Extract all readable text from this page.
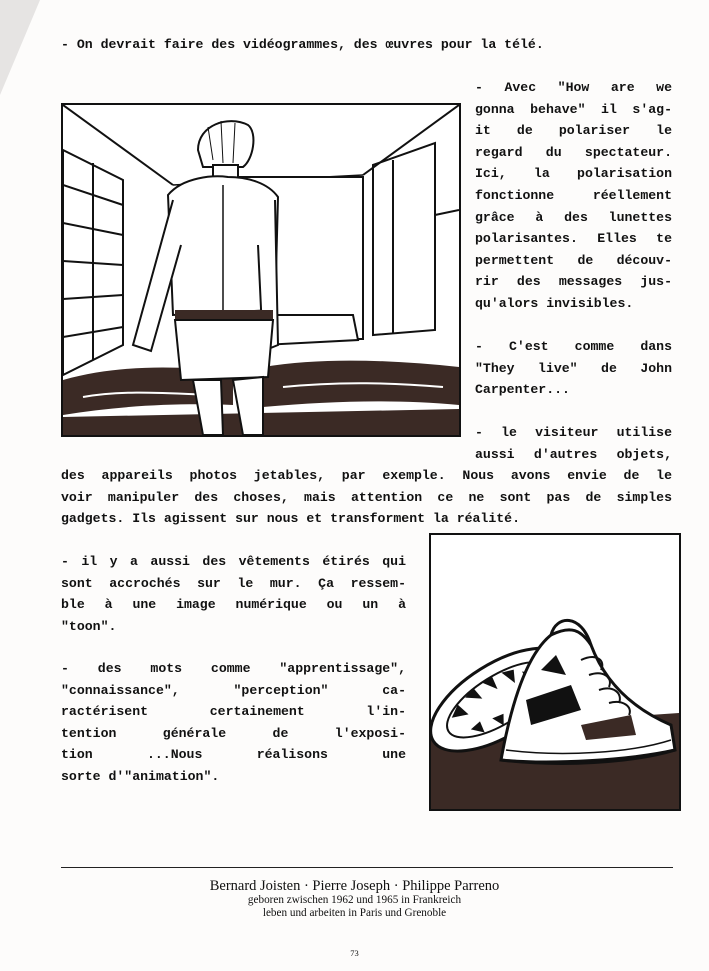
- On devrait faire des vidéogrammes, des œuvres pour la télé.

- Avec "How are we
gonna behave" il s'ag-
it de polariser le
regard du spectateur.
Ici, la polarisation
fonctionne réellement
grâce à des lunettes
polarisantes. Elles te
permettent de découv-
rir des messages jus-
qu'alors invisibles.
- C'est comme dans
"They live" de John
Carpenter...
- le visiteur utilise
aussi d'autres objets,
des appareils photos jetables, par exemple. Nous avons envie de le
voir manipuler des choses, mais attention ce ne sont pas de simples
gadgets. Ils agissent sur nous et transforment la réalité.
- il y a aussi des vêtements étirés qui
sont accrochés sur le mur. Ça ressem-
ble à une image numérique ou un à
"toon".
- des mots comme "apprentissage",
"connaissance", "perception" ca-
ractérisent certainement l'in-
tention générale de l'exposi-
tion ...Nous réalisons une
sorte d'"animation".
Bernard Joisten · Pierre Joseph · Philippe Parreno
geboren zwischen 1962 und 1965 in Frankreich
leben und arbeiten in Paris und Grenoble
73
